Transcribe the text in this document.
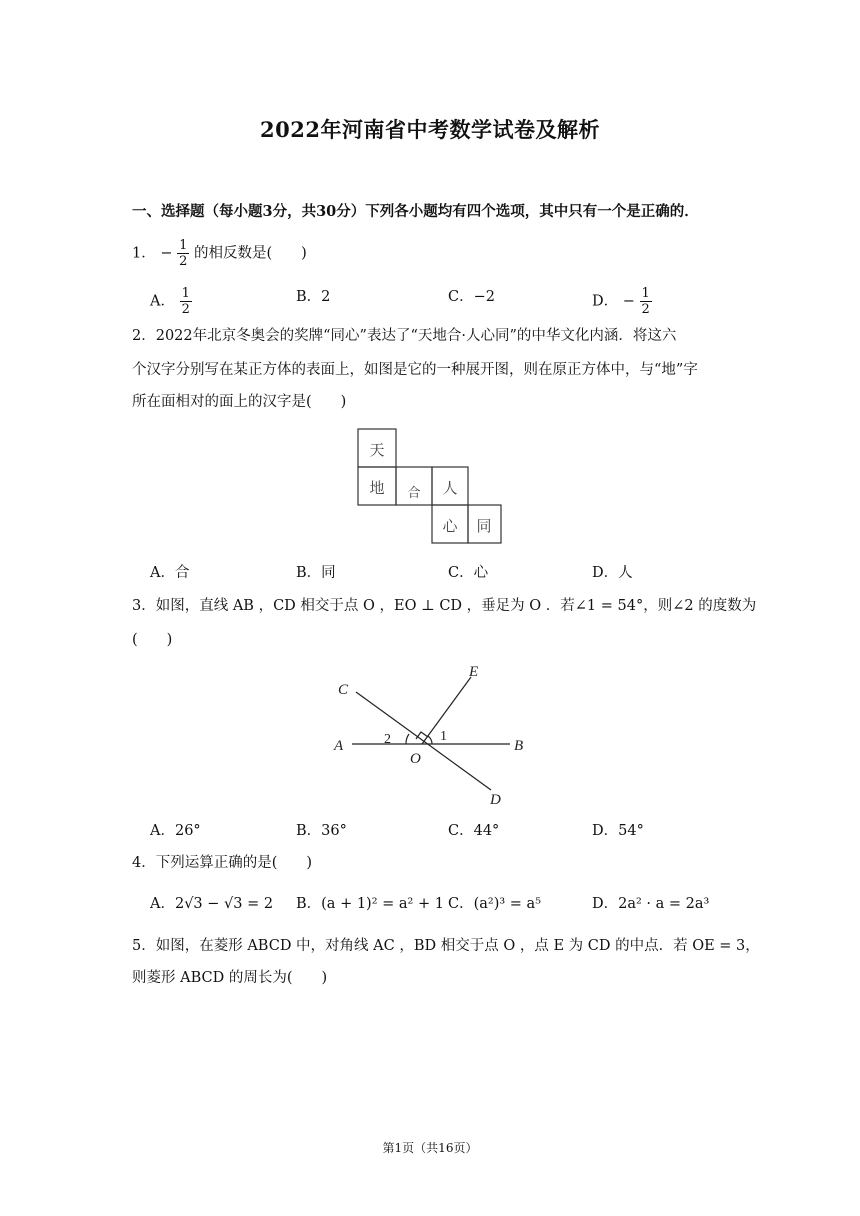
2022年河南省中考数学试卷及解析
一、选择题（每小题3分，共30分）下列各小题均有四个选项，其中只有一个是正确的．
1． − $\frac{1}{2}$ 的相反数是(　　)
A． $\frac{1}{2}$	B．2	C．−2	D． − $\frac{1}{2}$
2．2022年北京冬奥会的奖牌“同心”表达了“天地合·人心同”的中华文化内涵．将这六
个汉字分别写在某正方体的表面上，如图是它的一种展开图，则在原正方体中，与“地”字
所在面相对的面上的汉字是(　　)
天
地 合 人
心 同
A．合	B．同	C．心	D．人
3．如图，直线 AB ，CD 相交于点 O ，EO ⊥ CD ，垂足为 O ．若∠1 = 54°，则∠2 的度数为
(　　)
C
E
A	B
O
D
1
2
A．26°	B．36°	C．44°	D．54°
4．下列运算正确的是(　　)
A．2√3 − √3 = 2 B．(a + 1)² = a² + 1 C．(a²)³ = a⁵	D．2a² · a = 2a³
5．如图，在菱形 ABCD 中，对角线 AC ，BD 相交于点 O ，点 E 为 CD 的中点．若 OE = 3，
则菱形 ABCD 的周长为(　　)
第1页（共16页）
